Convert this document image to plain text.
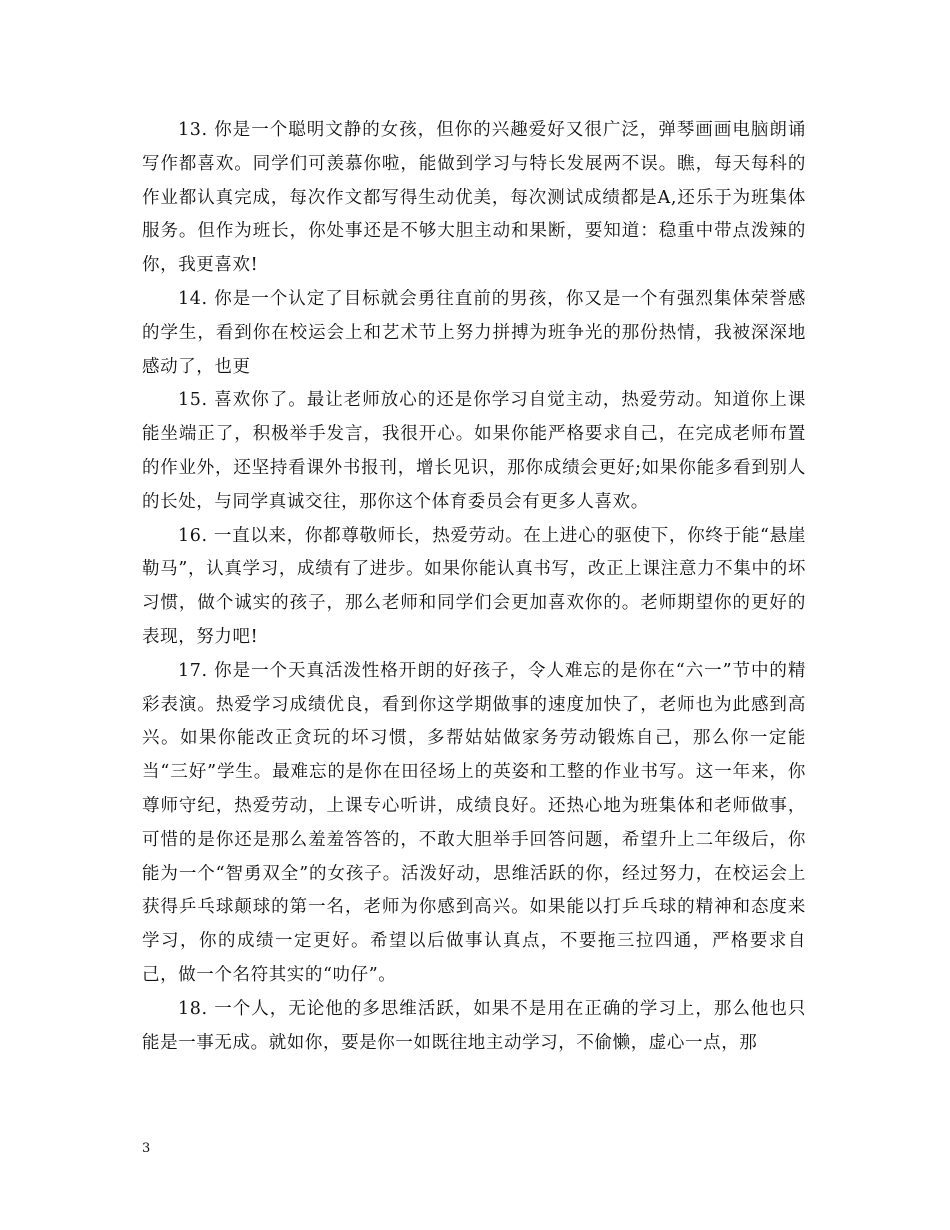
13. 你是一个聪明文静的女孩，但你的兴趣爱好又很广泛，弹琴画画电脑朗诵写作都喜欢。同学们可羡慕你啦，能做到学习与特长发展两不误。瞧，每天每科的作业都认真完成，每次作文都写得生动优美，每次测试成绩都是A,还乐于为班集体服务。但作为班长，你处事还是不够大胆主动和果断，要知道：稳重中带点泼辣的你，我更喜欢!

14. 你是一个认定了目标就会勇往直前的男孩，你又是一个有强烈集体荣誉感的学生，看到你在校运会上和艺术节上努力拼搏为班争光的那份热情，我被深深地感动了，也更

15. 喜欢你了。最让老师放心的还是你学习自觉主动，热爱劳动。知道你上课能坐端正了，积极举手发言，我很开心。如果你能严格要求自己，在完成老师布置的作业外，还坚持看课外书报刊，增长见识，那你成绩会更好;如果你能多看到别人的长处，与同学真诚交往，那你这个体育委员会有更多人喜欢。

16. 一直以来，你都尊敬师长，热爱劳动。在上进心的驱使下，你终于能“悬崖勒马”，认真学习，成绩有了进步。如果你能认真书写，改正上课注意力不集中的坏习惯，做个诚实的孩子，那么老师和同学们会更加喜欢你的。老师期望你的更好的表现，努力吧!

17. 你是一个天真活泼性格开朗的好孩子，令人难忘的是你在“六一”节中的精彩表演。热爱学习成绩优良，看到你这学期做事的速度加快了，老师也为此感到高兴。如果你能改正贪玩的坏习惯，多帮姑姑做家务劳动锻炼自己，那么你一定能当“三好”学生。最难忘的是你在田径场上的英姿和工整的作业书写。这一年来，你尊师守纪，热爱劳动，上课专心听讲，成绩良好。还热心地为班集体和老师做事，可惜的是你还是那么羞羞答答的，不敢大胆举手回答问题，希望升上二年级后，你能为一个“智勇双全”的女孩子。活泼好动，思维活跃的你，经过努力，在校运会上获得乒乓球颠球的第一名，老师为你感到高兴。如果能以打乒乓球的精神和态度来学习，你的成绩一定更好。希望以后做事认真点，不要拖三拉四通，严格要求自己，做一个名符其实的“叻仔”。

18. 一个人，无论他的多思维活跃，如果不是用在正确的学习上，那么他也只能是一事无成。就如你，要是你一如既往地主动学习，不偷懒，虚心一点，那

3
